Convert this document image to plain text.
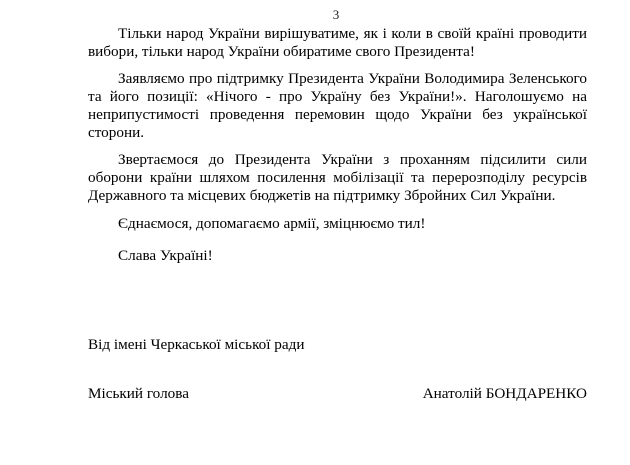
3

Тільки народ України вирішуватиме, як і коли в своїй країні проводити вибори, тільки народ України обиратиме свого Президента!

Заявляємо про підтримку Президента України Володимира Зеленського та його позиції: «Нічого - про Україну без України!». Наголошуємо на неприпустимості проведення перемовин щодо України без української сторони.

Звертаємося до Президента України з проханням підсилити сили оборони країни шляхом посилення мобілізації та перерозподілу ресурсів Державного та місцевих бюджетів на підтримку Збройних Сил України.

Єднаємося, допомагаємо армії, зміцнюємо тил!

Слава Україні!

Від імені Черкаської міської ради
Міський голова	Анатолій БОНДАРЕНКО
